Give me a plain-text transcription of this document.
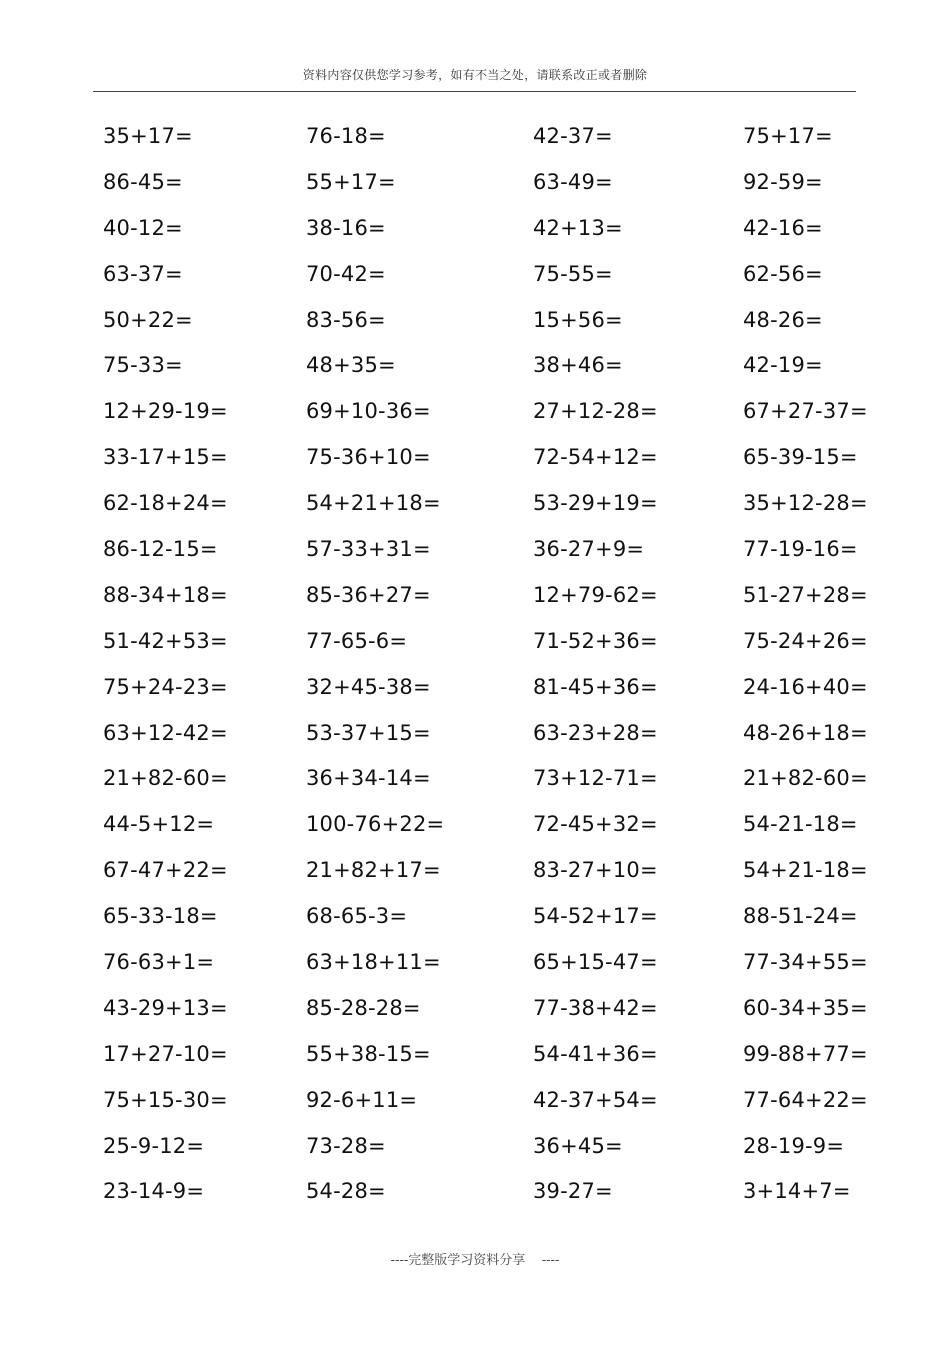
资料内容仅供您学习参考，如有不当之处，请联系改正或者删除
35+17=	76-18=	42-37=	75+17=
86-45=	55+17=	63-49=	92-59=
40-12=	38-16=	42+13=	42-16=
63-37=	70-42=	75-55=	62-56=
50+22=	83-56=	15+56=	48-26=
75-33=	48+35=	38+46=	42-19=
12+29-19=	69+10-36=	27+12-28=	67+27-37=
33-17+15=	75-36+10=	72-54+12=	65-39-15=
62-18+24=	54+21+18=	53-29+19=	35+12-28=
86-12-15=	57-33+31=	36-27+9=	77-19-16=
88-34+18=	85-36+27=	12+79-62=	51-27+28=
51-42+53=	77-65-6=	71-52+36=	75-24+26=
75+24-23=	32+45-38=	81-45+36=	24-16+40=
63+12-42=	53-37+15=	63-23+28=	48-26+18=
21+82-60=	36+34-14=	73+12-71=	21+82-60=
44-5+12=	100-76+22=	72-45+32=	54-21-18=
67-47+22=	21+82+17=	83-27+10=	54+21-18=
65-33-18=	68-65-3=	54-52+17=	88-51-24=
76-63+1=	63+18+11=	65+15-47=	77-34+55=
43-29+13=	85-28-28=	77-38+42=	60-34+35=
17+27-10=	55+38-15=	54-41+36=	99-88+77=
75+15-30=	92-6+11=	42-37+54=	77-64+22=
25-9-12=	73-28=	36+45=	28-19-9=
23-14-9=	54-28=	39-27=	3+14+7=
----完整版学习资料分享    ----
